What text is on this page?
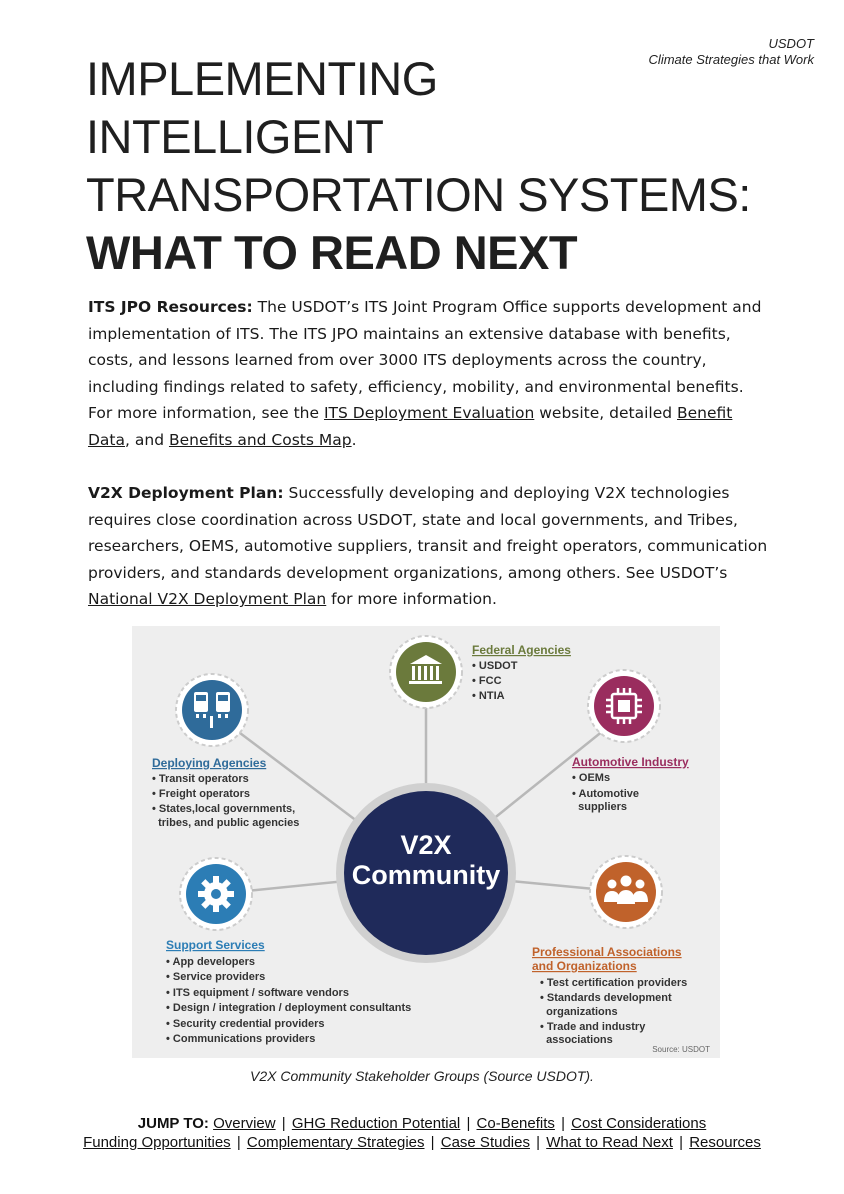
USDOT
Climate Strategies that Work
IMPLEMENTING
INTELLIGENT
TRANSPORTATION SYSTEMS:
WHAT TO READ NEXT

ITS JPO Resources: The USDOT’s ITS Joint Program Office supports development and implementation of ITS. The ITS JPO maintains an extensive database with benefits, costs, and lessons learned from over 3000 ITS deployments across the country, including findings related to safety, efficiency, mobility, and environmental benefits. For more information, see the ITS Deployment Evaluation website, detailed Benefit Data, and Benefits and Costs Map.

V2X Deployment Plan: Successfully developing and deploying V2X technologies requires close coordination across USDOT, state and local governments, and Tribes, researchers, OEMS, automotive suppliers, transit and freight operators, communication providers, and standards development organizations, among others. See USDOT’s National V2X Deployment Plan for more information.

V2X
Community
Federal Agencies
• USDOT
• FCC
• NTIA
Deploying Agencies
• Transit operators
• Freight operators
• States,local governments,
tribes, and public agencies
Automotive Industry
• OEMs
• Automotive
suppliers
Support Services
• App developers
• Service providers
• ITS equipment / software vendors
• Design / integration / deployment consultants
• Security credential providers
• Communications providers
Professional Associations
and Organizations
• Test certification providers
• Standards development
organizations
• Trade and industry
associations
Source: USDOT
V2X Community Stakeholder Groups (Source USDOT).
JUMP TO: Overview | GHG Reduction Potential | Co-Benefits | Cost Considerations
Funding Opportunities | Complementary Strategies | Case Studies | What to Read Next | Resources
